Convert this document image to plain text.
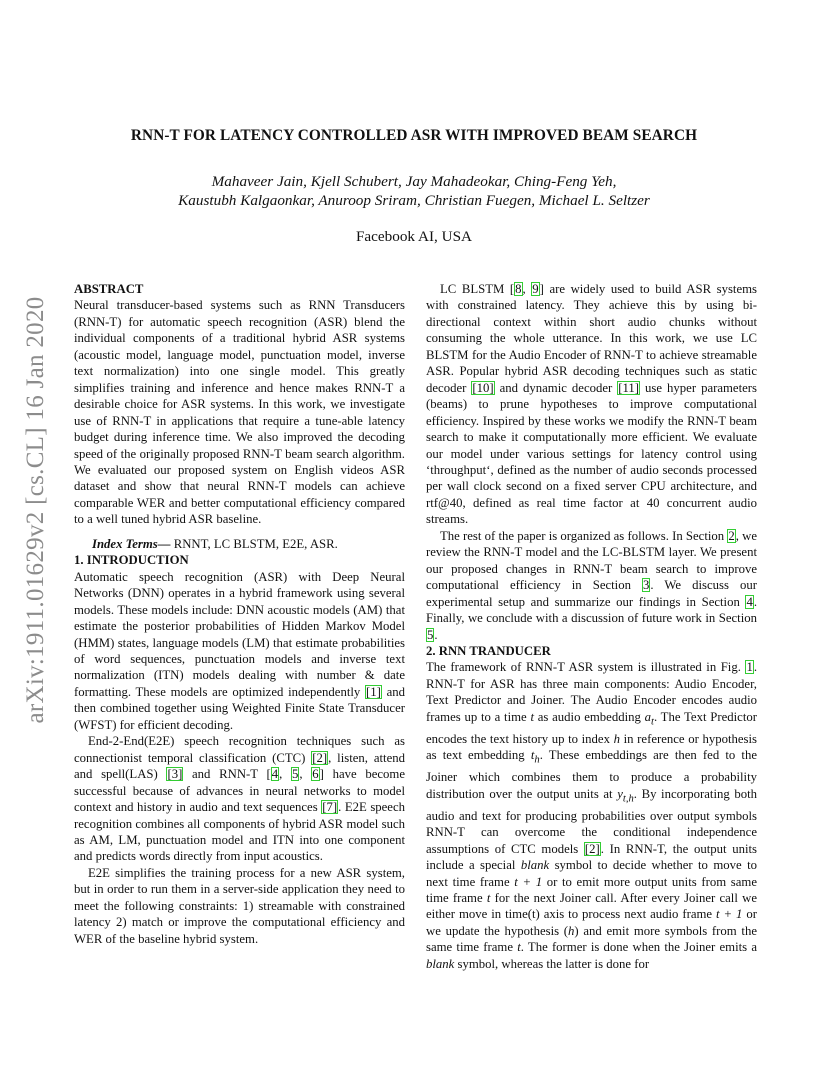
arXiv:1911.01629v2 [cs.CL] 16 Jan 2020
RNN-T FOR LATENCY CONTROLLED ASR WITH IMPROVED BEAM SEARCH
Mahaveer Jain, Kjell Schubert, Jay Mahadeokar, Ching-Feng Yeh,
Kaustubh Kalgaonkar, Anuroop Sriram, Christian Fuegen, Michael L. Seltzer
Facebook AI, USA

ABSTRACT

Neural transducer-based systems such as RNN Transducers (RNN-T) for automatic speech recognition (ASR) blend the individual components of a traditional hybrid ASR systems (acoustic model, language model, punctuation model, inverse text normalization) into one single model. This greatly simplifies training and inference and hence makes RNN-T a desirable choice for ASR systems. In this work, we investigate use of RNN-T in applications that require a tune-able latency budget during inference time. We also improved the decoding speed of the originally proposed RNN-T beam search algorithm. We evaluated our proposed system on English videos ASR dataset and show that neural RNN-T models can achieve comparable WER and better computational efficiency compared to a well tuned hybrid ASR baseline.

Index Terms— RNNT, LC BLSTM, E2E, ASR.

1. INTRODUCTION

Automatic speech recognition (ASR) with Deep Neural Networks (DNN) operates in a hybrid framework using several models. These models include: DNN acoustic models (AM) that estimate the posterior probabilities of Hidden Markov Model (HMM) states, language models (LM) that estimate probabilities of word sequences, punctuation models and inverse text normalization (ITN) models dealing with number & date formatting. These models are optimized independently [1] and then combined together using Weighted Finite State Transducer (WFST) for efficient decoding.

End-2-End(E2E) speech recognition techniques such as connectionist temporal classification (CTC) [2], listen, attend and spell(LAS) [3] and RNN-T [4, 5, 6] have become successful because of advances in neural networks to model context and history in audio and text sequences [7]. E2E speech recognition combines all components of hybrid ASR model such as AM, LM, punctuation model and ITN into one component and predicts words directly from input acoustics.

E2E simplifies the training process for a new ASR system, but in order to run them in a server-side application they need to meet the following constraints: 1) streamable with constrained latency 2) match or improve the computational efficiency and WER of the baseline hybrid system.

LC BLSTM [8, 9] are widely used to build ASR systems with constrained latency. They achieve this by using bi-directional context within short audio chunks without consuming the whole utterance. In this work, we use LC BLSTM for the Audio Encoder of RNN-T to achieve streamable ASR. Popular hybrid ASR decoding techniques such as static decoder [10] and dynamic decoder [11] use hyper parameters (beams) to prune hypotheses to improve computational efficiency. Inspired by these works we modify the RNN-T beam search to make it computationally more efficient. We evaluate our model under various settings for latency control using ‘throughput‘, defined as the number of audio seconds processed per wall clock second on a fixed server CPU architecture, and rtf@40, defined as real time factor at 40 concurrent audio streams.

The rest of the paper is organized as follows. In Section 2, we review the RNN-T model and the LC-BLSTM layer. We present our proposed changes in RNN-T beam search to improve computational efficiency in Section 3. We discuss our experimental setup and summarize our findings in Section 4. Finally, we conclude with a discussion of future work in Section 5.

2. RNN TRANDUCER

The framework of RNN-T ASR system is illustrated in Fig. 1. RNN-T for ASR has three main components: Audio Encoder, Text Predictor and Joiner. The Audio Encoder encodes audio frames up to a time t as audio embedding $a_t$. The Text Predictor encodes the text history up to index h in reference or hypothesis as text embedding $t_h$. These embeddings are then fed to the Joiner which combines them to produce a probability distribution over the output units at $y_{t,h}$. By incorporating both audio and text for producing probabilities over output symbols RNN-T can overcome the conditional independence assumptions of CTC models [2]. In RNN-T, the output units include a special blank symbol to decide whether to move to next time frame t + 1 or to emit more output units from same time frame t for the next Joiner call. After every Joiner call we either move in time(t) axis to process next audio frame t + 1 or we update the hypothesis (h) and emit more symbols from the same time frame t. The former is done when the Joiner emits a blank symbol, whereas the latter is done for
